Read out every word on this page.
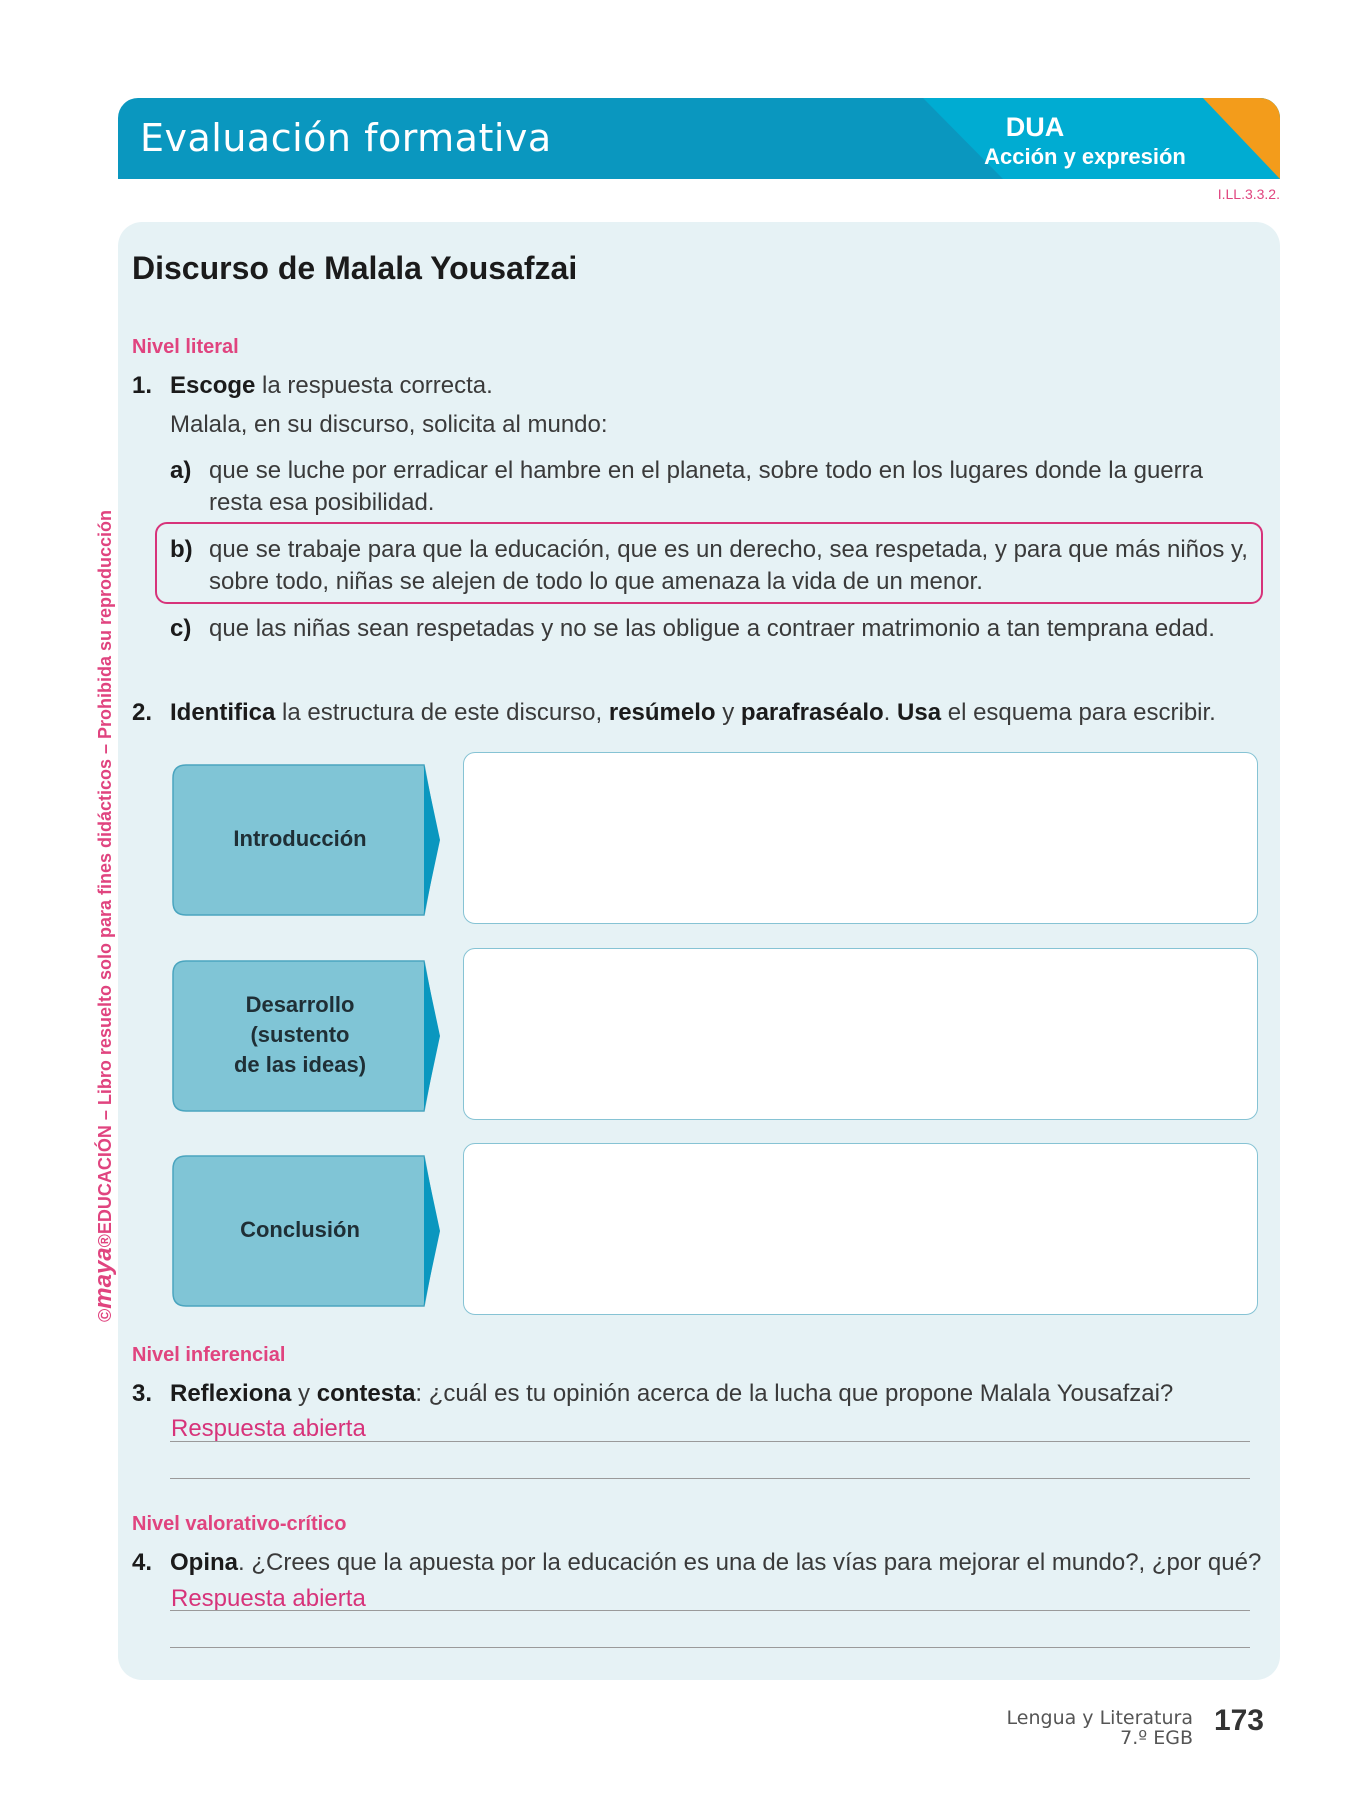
Evaluación formativa	DUA
Acción y expresión
I.LL.3.3.2.
©maya®EDUCACIÓN – Libro resuelto solo para fines didácticos – Prohibida su reproducción
Discurso de Malala Yousafzai
Nivel literal
1. Escoge la respuesta correcta.
Malala, en su discurso, solicita al mundo:
a) que se luche por erradicar el hambre en el planeta, sobre todo en los lugares donde la guerra resta esa posibilidad.
b) que se trabaje para que la educación, que es un derecho, sea respetada, y para que más niños y, sobre todo, niñas se alejen de todo lo que amenaza la vida de un menor.
c) que las niñas sean respetadas y no se las obligue a contraer matrimonio a tan temprana edad.
2. Identifica la estructura de este discurso, resúmelo y parafraséalo. Usa el esquema para escribir.
Introducción
Desarrollo
(sustento
de las ideas)
Conclusión
Nivel inferencial
3. Reflexiona y contesta: ¿cuál es tu opinión acerca de la lucha que propone Malala Yousafzai?
Respuesta abierta
Nivel valorativo-crítico
4. Opina. ¿Crees que la apuesta por la educación es una de las vías para mejorar el mundo?, ¿por qué?
Respuesta abierta
Lengua y Literatura
7.º EGB
173
